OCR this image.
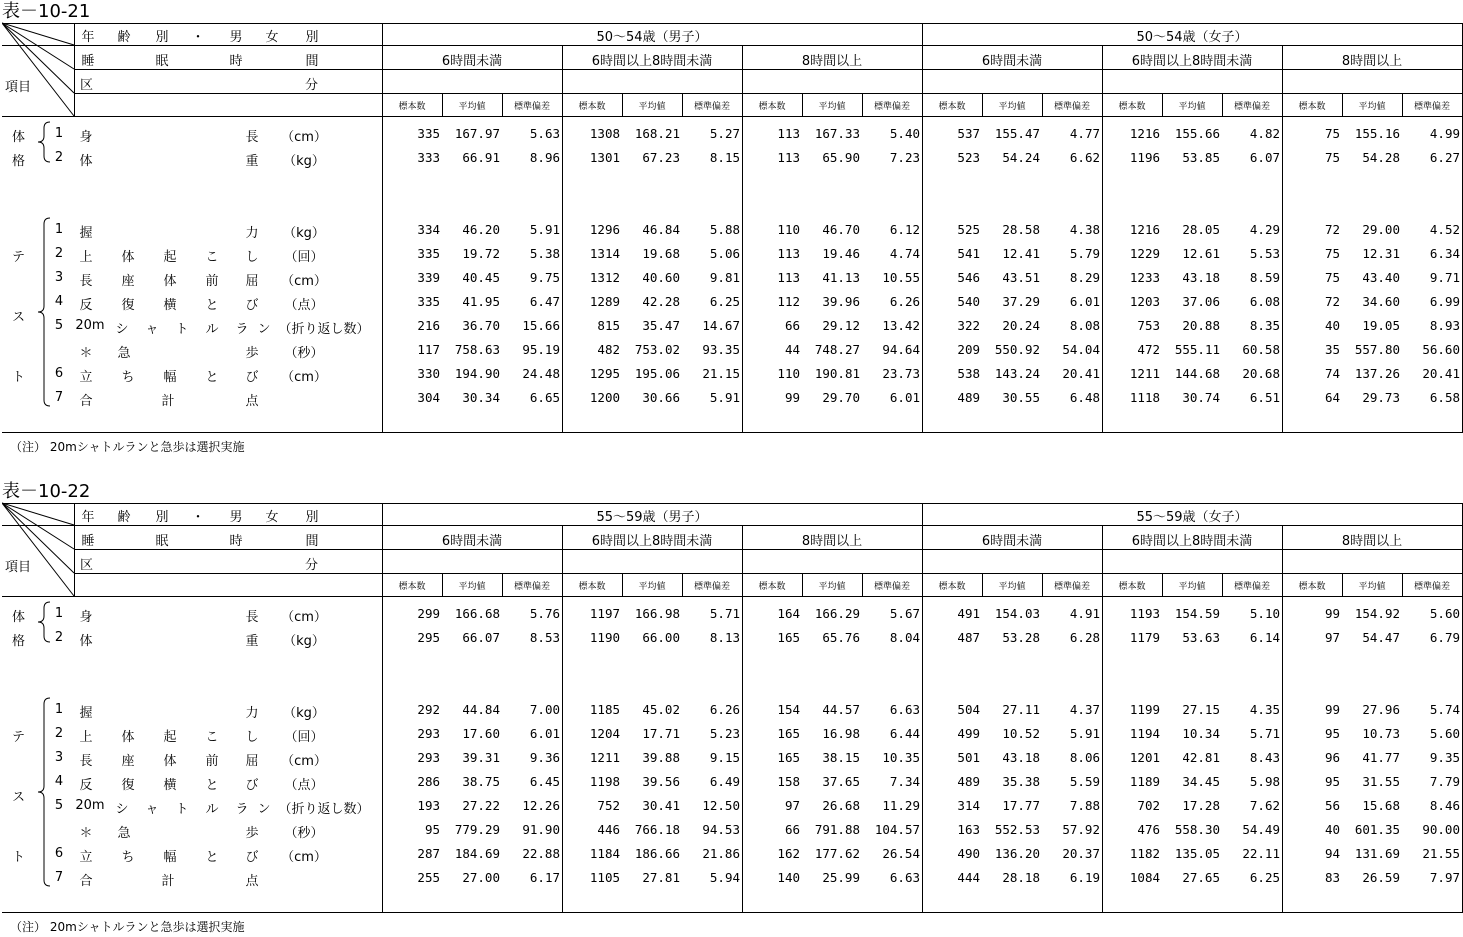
表－10-21
年 齢 別 ・ 男 女 別
睡	眠	時	間
項目	区	分
50～54歳（男子）	50～54歳（女子）
6時間未満
標本数	平均値	標準偏差
6時間以上8時間未満
標本数	平均値	標準偏差
8時間以上
標本数	平均値	標準偏差
6時間未満
標本数	平均値	標準偏差
6時間以上8時間未満
標本数	平均値	標準偏差
8時間以上
標本数	平均値	標準偏差
体
格
テ
ス
ト
1 身	長 （cm）	335	167.97	5.63	1308	168.21	5.27	113	167.33	5.40	537	155.47	4.77	1216	155.66	4.82	75	155.16	4.99
2 体	重 （kg）	333	66.91	8.96	1301	67.23	8.15	113	65.90	7.23	523	54.24	6.62	1196	53.85	6.07	75	54.28	6.27
1 握	力 （kg）	334	46.20	5.91	1296	46.84	5.88	110	46.70	6.12	525	28.58	4.38	1216	28.05	4.29	72	29.00	4.52
2 上 体 起 こ し （回）	335	19.72	5.38	1314	19.68	5.06	113	19.46	4.74	541	12.41	5.79	1229	12.61	5.53	75	12.31	6.34
3 長 座 体 前 屈 （cm）	339	40.45	9.75	1312	40.60	9.81	113	41.13	10.55	546	43.51	8.29	1233	43.18	8.59	75	43.40	9.71
4 反 復 横 と び （点）	335	41.95	6.47	1289	42.28	6.25	112	39.96	6.26	540	37.29	6.01	1203	37.06	6.08	72	34.60	6.99
5 20m シ ャ ト ル ラ ン （折り返し数）	216	36.70	15.66	815	35.47	14.67	66	29.12	13.42	322	20.24	8.08	753	20.88	8.35	40	19.05	8.93
＊ 急	歩 （秒）	117	758.63	95.19	482	753.02	93.35	44	748.27	94.64	209	550.92	54.04	472	555.11	60.58	35	557.80	56.60
6 立 ち 幅 と び （cm）	330	194.90	24.48	1295	195.06	21.15	110	190.81	23.73	538	143.24	20.41	1211	144.68	20.68	74	137.26	20.41
7 合	計	点	304	30.34	6.65	1200	30.66	5.91	99	29.70	6.01	489	30.55	6.48	1118	30.74	6.51	64	29.73	6.58
（注） 20mシャトルランと急歩は選択実施
表－10-22
年 齢 別 ・ 男 女 別
睡	眠	時	間
項目	区	分
55～59歳（男子）	55～59歳（女子）
6時間未満
標本数	平均値	標準偏差
6時間以上8時間未満
標本数	平均値	標準偏差
8時間以上
標本数	平均値	標準偏差
6時間未満
標本数	平均値	標準偏差
6時間以上8時間未満
標本数	平均値	標準偏差
8時間以上
標本数	平均値	標準偏差
体
格
テ
ス
ト
1 身	長 （cm）	299	166.68	5.76	1197	166.98	5.71	164	166.29	5.67	491	154.03	4.91	1193	154.59	5.10	99	154.92	5.60
2 体	重 （kg）	295	66.07	8.53	1190	66.00	8.13	165	65.76	8.04	487	53.28	6.28	1179	53.63	6.14	97	54.47	6.79
1 握	力 （kg）	292	44.84	7.00	1185	45.02	6.26	154	44.57	6.63	504	27.11	4.37	1199	27.15	4.35	99	27.96	5.74
2 上 体 起 こ し （回）	293	17.60	6.01	1204	17.71	5.23	165	16.98	6.44	499	10.52	5.91	1194	10.34	5.71	95	10.73	5.60
3 長 座 体 前 屈 （cm）	293	39.31	9.36	1211	39.88	9.15	165	38.15	10.35	501	43.18	8.06	1201	42.81	8.43	96	41.77	9.35
4 反 復 横 と び （点）	286	38.75	6.45	1198	39.56	6.49	158	37.65	7.34	489	35.38	5.59	1189	34.45	5.98	95	31.55	7.79
5 20m シ ャ ト ル ラ ン （折り返し数）	193	27.22	12.26	752	30.41	12.50	97	26.68	11.29	314	17.77	7.88	702	17.28	7.62	56	15.68	8.46
＊ 急	歩 （秒）	95	779.29	91.90	446	766.18	94.53	66	791.88	104.57	163	552.53	57.92	476	558.30	54.49	40	601.35	90.00
6 立 ち 幅 と び （cm）	287	184.69	22.88	1184	186.66	21.86	162	177.62	26.54	490	136.20	20.37	1182	135.05	22.11	94	131.69	21.55
7 合	計	点	255	27.00	6.17	1105	27.81	5.94	140	25.99	6.63	444	28.18	6.19	1084	27.65	6.25	83	26.59	7.97
（注） 20mシャトルランと急歩は選択実施
